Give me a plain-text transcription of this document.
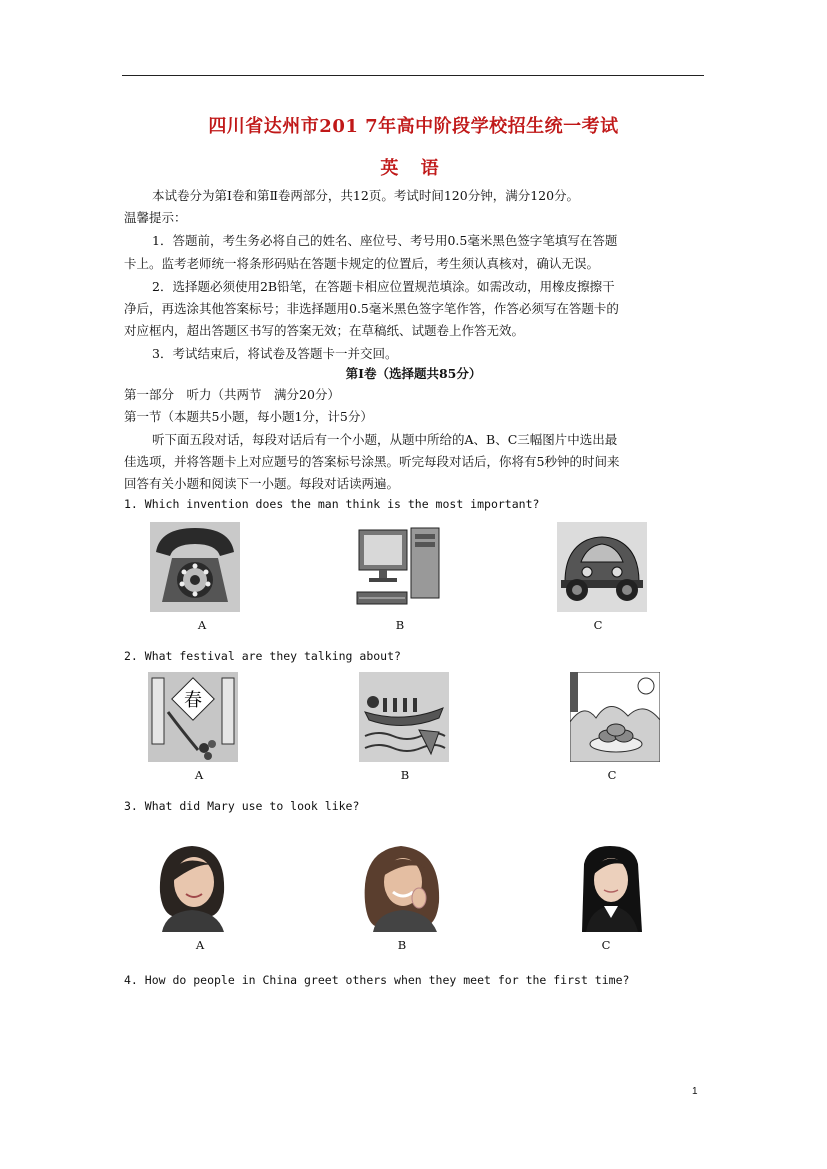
四川省达州市201 7年高中阶段学校招生统一考试
英 语
本试卷分为第Ⅰ卷和第Ⅱ卷两部分，共12页。考试时间120分钟，满分120分。
温馨提示：
1．答题前，考生务必将自己的姓名、座位号、考号用0.5毫米黑色签字笔填写在答题
卡上。监考老师统一将条形码贴在答题卡规定的位置后，考生须认真核对，确认无误。
2．选择题必须使用2B铅笔，在答题卡相应位置规范填涂。如需改动，用橡皮擦擦干
净后，再选涂其他答案标号；非选择题用0.5毫米黑色签字笔作答，作答必须写在答题卡的
对应框内，超出答题区书写的答案无效；在草稿纸、试题卷上作答无效。
3．考试结束后，将试卷及答题卡一并交回。
第Ⅰ卷（选择题共85分）
第一部分　听力（共两节　满分20分）
第一节（本题共5小题，每小题1分，计5分）
听下面五段对话，每段对话后有一个小题，从题中所给的A、B、C三幅图片中选出最
佳选项，并将答题卡上对应题号的答案标号涂黑。听完每段对话后，你将有5秒钟的时间来
回答有关小题和阅读下一小题。每段对话读两遍。
1. Which invention does the man think is the most important?
A	B	C
2. What festival are they talking about?
春
A	B	C
3. What did Mary use to look like?
A	B	C
4. How do people in China greet others when they meet for the first time?
1
